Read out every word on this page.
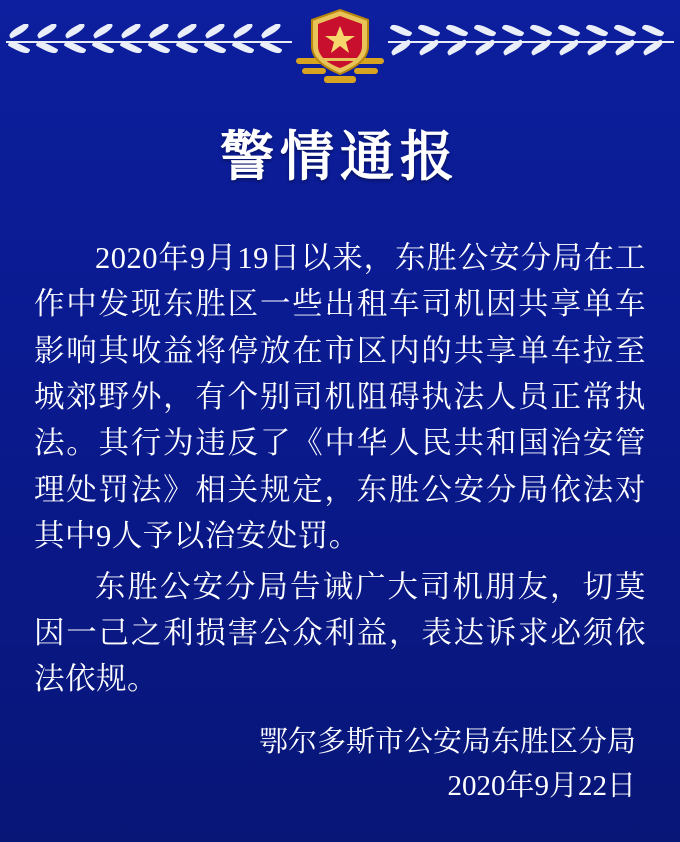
警情通报

2020年9月19日以来，东胜公安分局在工作中发现东胜区一些出租车司机因共享单车影响其收益将停放在市区内的共享单车拉至城郊野外，有个别司机阻碍执法人员正常执法。其行为违反了《中华人民共和国治安管理处罚法》相关规定，东胜公安分局依法对其中9人予以治安处罚。

东胜公安分局告诫广大司机朋友，切莫因一己之利损害公众利益，表达诉求必须依法依规。

鄂尔多斯市公安局东胜区分局
2020年9月22日
